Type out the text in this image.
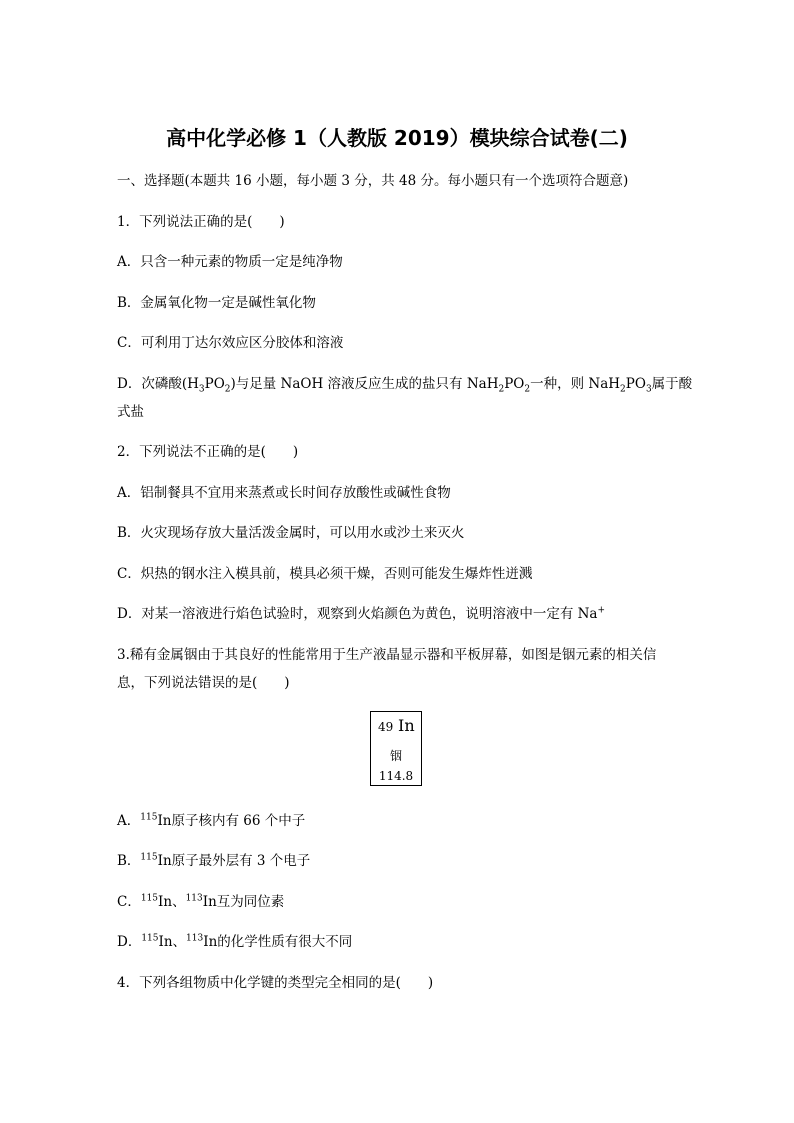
高中化学必修 1（人教版 2019）模块综合试卷(二)
一、选择题(本题共 16 小题，每小题 3 分，共 48 分。每小题只有一个选项符合题意)
1．下列说法正确的是(　　)
A．只含一种元素的物质一定是纯净物
B．金属氧化物一定是碱性氧化物
C．可利用丁达尔效应区分胶体和溶液
D．次磷酸$(H_3PO_2)$与足量 NaOH 溶液反应生成的盐只有 $NaH_2PO_2$一种，则 $NaH_2PO_3$属于酸
式盐
2．下列说法不正确的是(　　)
A．铝制餐具不宜用来蒸煮或长时间存放酸性或碱性食物
B．火灾现场存放大量活泼金属时，可以用水或沙土来灭火
C．炽热的钢水注入模具前，模具必须干燥，否则可能发生爆炸性迸溅
D．对某一溶液进行焰色试验时，观察到火焰颜色为黄色，说明溶液中一定有 Na+
3.稀有金属铟由于其良好的性能常用于生产液晶显示器和平板屏幕，如图是铟元素的相关信
息，下列说法错误的是(　　)
49 In
铟
114.8
A．$^{115}$In原子核内有 66 个中子
B．$^{115}$In原子最外层有 3 个电子
C．$^{115}$In、$^{113}$In互为同位素
D．$^{115}$In、$^{113}$In的化学性质有很大不同
4．下列各组物质中化学键的类型完全相同的是(　　)
